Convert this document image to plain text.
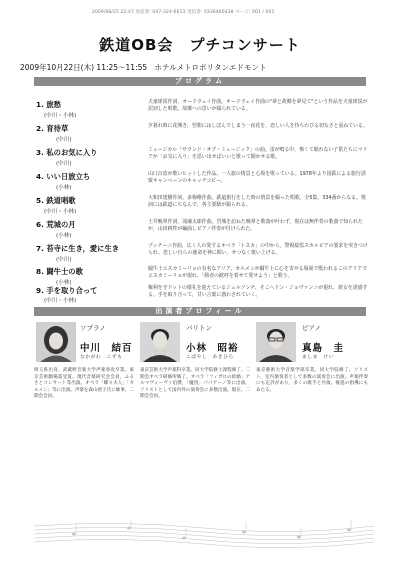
2009/08/25 22:47 送信者: 047-324-6613 受信者: 0336460438 ページ: 001 / 001
鉄道OB会　プチコンサート
2009年10月22日(木) 11:25～11:55 ホテルメトロポリタンエドモント
プログラム
1. 旅愁
(中川・小林)
犬童球渓作詞，オードウェイ作曲。オードウェイ作曲の"夢と故郷を夢見て"という作品を犬童球渓が訳詞した唱歌。故郷への思いが綴られている。
2. 育待草
(中川)
夕暮れ時に花開き，翌朝にはしぼんでしまう一夜花を，恋しい人を待ちわびる切なさと重ねている。
3. 私のお気に入り
(中川)
ミュージカル「サウンド・オブ・ミュージック」の曲。雷が鳴る中，怖くて眠れない子供たちにマリアが「お気に入り」を思い出せばいいと歌って聞かせる歌。
4. いい日旅立ち
(小林)
山口百恵が歌いヒットした作品。一人旅の情景と心境を歌っている。1978年より国鉄による旅行誘致キャンペーンのキャッチコピー。
5. 鉄道唱歌
(中川・小林)
大和田建樹作詞，多梅稚作曲。鉄道旅行をした時の情景を綴った唱歌。全5集，334番からなる。歌詞には鉄道にちなんで，各主要駅が綴られる。
6. 荒城の月
(小林)
土井晩翠作詞，滝廉太郎作曲。宮城を訪ねた晩翠と歌曲が叶わず，現在は無伴奏の歌曲で知られたが，山田耕筰が編曲しピアノ伴奏が付けられた。
7. 苔寺に生き，愛に生き
(中川)
プッチーニ作曲，広く人の愛するオペラ「トスカ」の中から。警視総監スカルピアの要求を突きつけられ，悲しい自らの運命を神に問い，せつなく歌い上げる。
8. 闘牛士の歌
(小林)
闘牛士エスカミーリョの有名なアリア。カルメンが闘牛士に心を寄せる場面で歌われるこのアリアでエスカミーリョが現れ，「勝者の歓呼を着せて愛せよう」と歌う。
9. 手を取り合って
(中川・小林)
権利を守ドットの婚礼を迎えているジェルソンチ，そこへドン・ジョヴァンニが現れ，彼女を誘惑する。手を取り合って，甘い言葉に惑わされていく。
出演者プロフィール
ソプラノ
中川　結百
なかがわ　こずも
埼玉県出身。武蔵野音楽大学声楽専攻卒業。東京芸術劇場賞受賞。現代音楽研究会会員，ふるさとコンサート等出演。オペラ「蝶々夫人」「カルメン」等に出演。声楽を森山智子氏に師事。二期会会員。
バリトン
小林　昭裕
こばやし　あきひろ
東京芸術大学声楽科卒業。同大学院修士課程修了。二期会オペラ研修所修了。オペラ「フィガロの結婚」アルマヴィーヴァ伯爵，「魔笛」パパゲーノ等に出演。ソリストとして国内外の演奏会に多数出演。現在，二期会会員。
ピアノ
真島　圭
ましま　けい
東京藝術大学音楽学部卒業。同大学院修了。ソリスト，室内楽奏者として多数の演奏会に出演。声楽伴奏にも定評があり，多くの歌手と共演。後進の指導にもあたる。
